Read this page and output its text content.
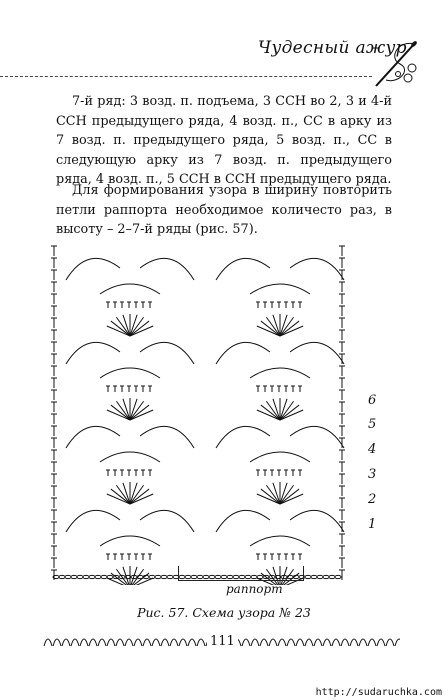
Чудесный ажур
7-й ряд: 3 возд. п. подъема, 3 ССН во 2, 3 и 4-й ССН предыдущего ряда, 4 возд. п., СС в арку из 7 возд. п. предыдущего ряда, 5 возд. п., СС в следующую арку из 7 возд. п. предыдущего ряда, 4 возд. п., 5 ССН в ССН предыдущего ряда.
Для формирования узора в ширину повторить петли раппорта необходимое количесто раз, в высоту – 2–7-й ряды (рис. 57).
6
5
4
3
2
1
раппорт
Рис. 57. Схема узора № 23
111
http://sudaruchka.com
